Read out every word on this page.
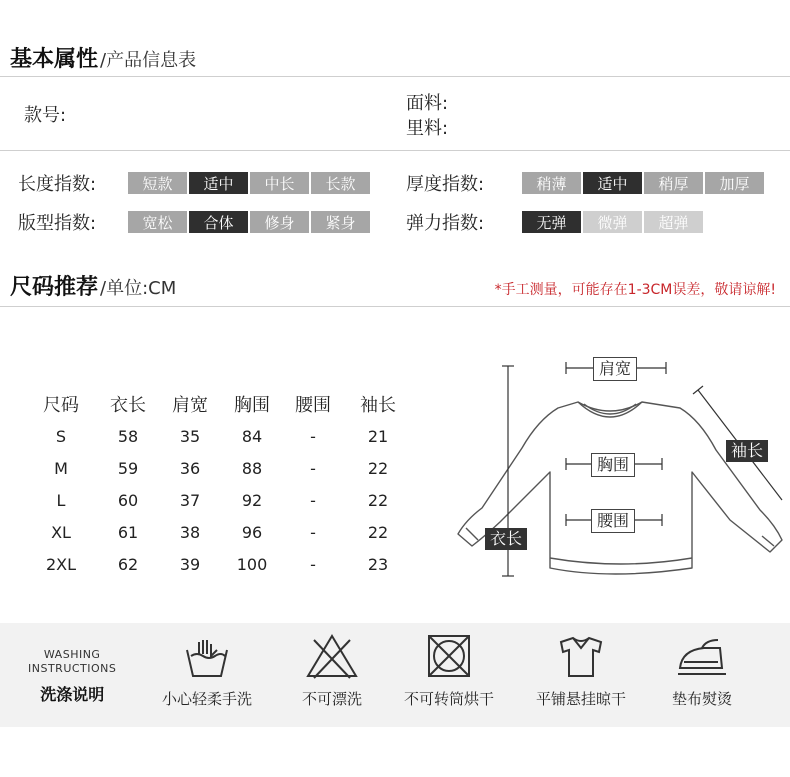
基本属性 /产品信息表
款号:
面料:
里料:
长度指数:	短款	适中	中长	长款	厚度指数:	稍薄	适中	稍厚	加厚
版型指数:	宽松	合体	修身	紧身	弹力指数:	无弹	微弹	超弹
尺码推荐 /单位:CM	*手工测量，可能存在1-3CM误差，敬请谅解!
尺码	衣长	肩宽	胸围	腰围	袖长
S	58	35	84	-	21
M	59	36	88	-	22
L	60	37	92	-	22
XL	61	38	96	-	22
2XL	62	39	100	-	23
肩宽
胸围
腰围
袖长
衣长
WASHING
INSTRUCTIONS
洗涤说明	小心轻柔手洗	不可漂洗	不可转筒烘干	平铺悬挂晾干	垫布熨烫
